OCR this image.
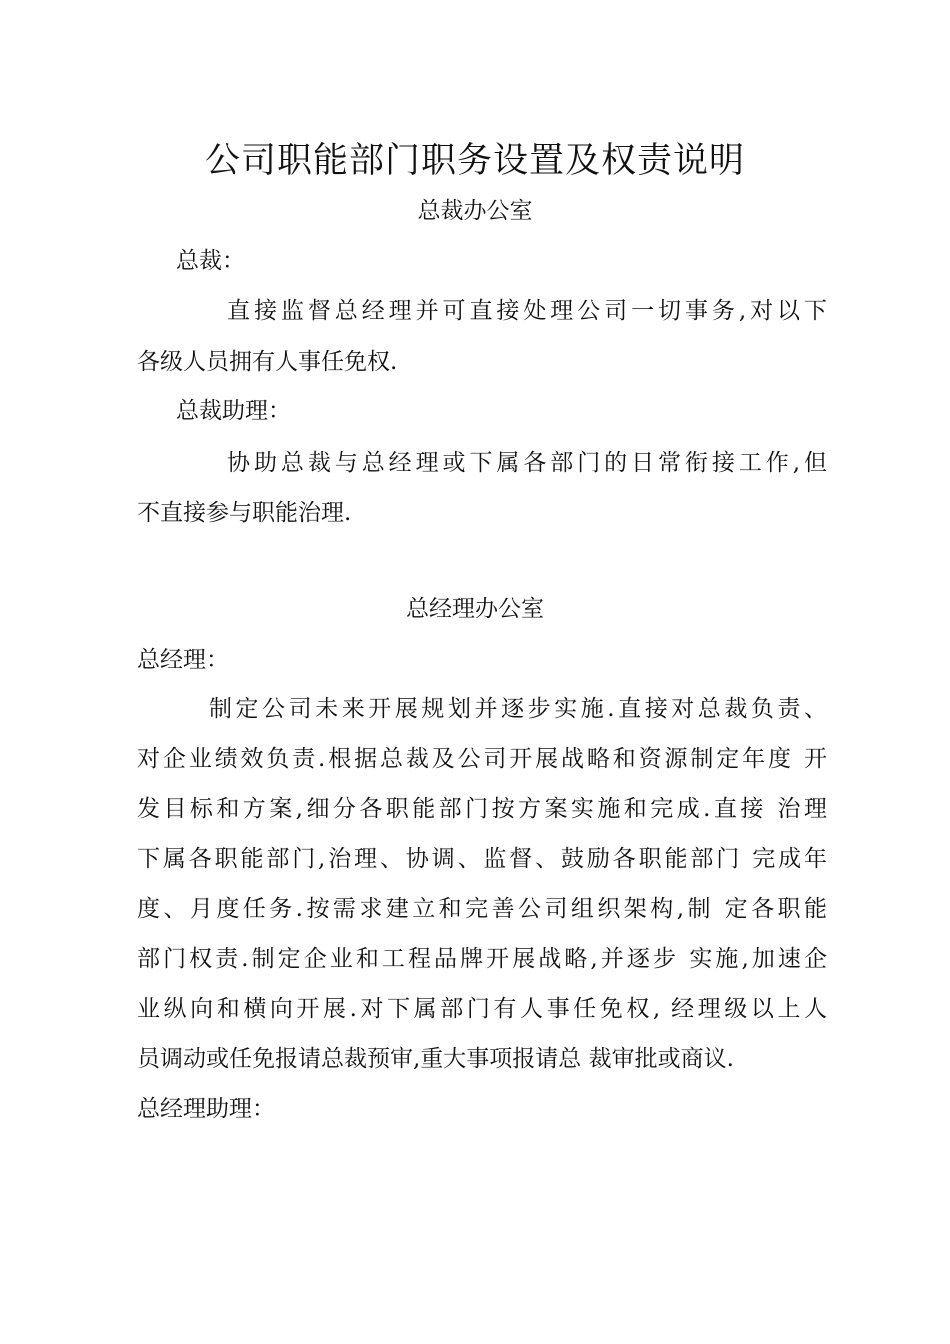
公司职能部门职务设置及权责说明
总裁办公室
总裁：
直接监督总经理并可直接处理公司一切事务,对以下
各级人员拥有人事任免权.
总裁助理：
协助总裁与总经理或下属各部门的日常衔接工作,但
不直接参与职能治理.
总经理办公室
总经理：
制定公司未来开展规划并逐步实施.直接对总裁负责、
对企业绩效负责.根据总裁及公司开展战略和资源制定年度 开
发目标和方案,细分各职能部门按方案实施和完成.直接 治理
下属各职能部门,治理、协调、监督、鼓励各职能部门 完成年
度、月度任务.按需求建立和完善公司组织架构,制 定各职能
部门权责.制定企业和工程品牌开展战略,并逐步 实施,加速企
业纵向和横向开展.对下属部门有人事任免权, 经理级以上人
员调动或任免报请总裁预审,重大事项报请总 裁审批或商议.
总经理助理：
